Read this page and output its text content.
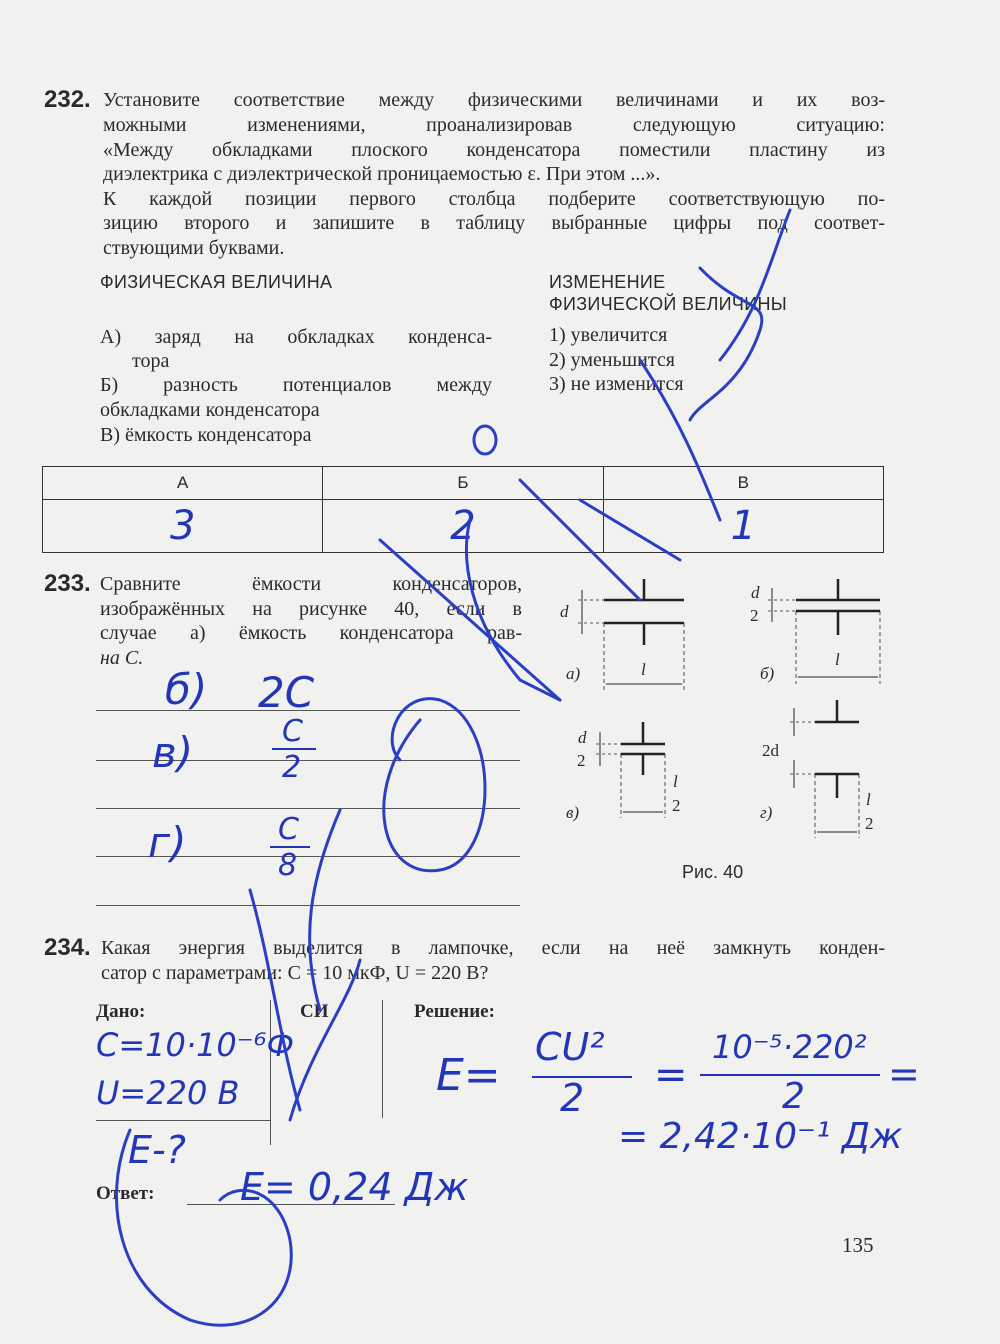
232. Установите соответствие между физическими величинами и их воз-
можными изменениями, проанализировав следующую ситуацию:
«Между обкладками плоского конденсатора поместили пластину из
диэлектрика с диэлектрической проницаемостью ε. При этом ...».
К каждой позиции первого столбца подберите соответствующую по-
зицию второго и запишите в таблицу выбранные цифры под соответ-
ствующими буквами.
ФИЗИЧЕСКАЯ ВЕЛИЧИНА	ИЗМЕНЕНИЕ
ФИЗИЧЕСКОЙ ВЕЛИЧИНЫ
А) заряд на обкладках конденса-
тора
Б) разность потенциалов между
обкладками конденсатора
В) ёмкость конденсатора
1) увеличится
2) уменьшится
3) не изменится
А	Б	В
3	2	1
233. Сравните ёмкости конденсаторов,
изображённых на рисунке 40, если в
случае а) ёмкость конденсатора рав-
на C.
б) 2C
в)	C
2
г)	C
8
а)	б)
в)	г)
d
l
d
2
l
d
2
l
2
2d
l
2
Рис. 40
234. Какая энергия выделится в лампочке, если на неё замкнуть конден-
сатор с параметрами: C = 10 мкФ, U = 220 В?
Дано:	СИ	Решение:
Ответ:
C=10·10⁻⁶Ф
U=220 В
E-?
E=
CU²
2 =
10⁻⁵·220²
2
=
= 2,42·10⁻¹ Дж
E= 0,24 Дж
135
